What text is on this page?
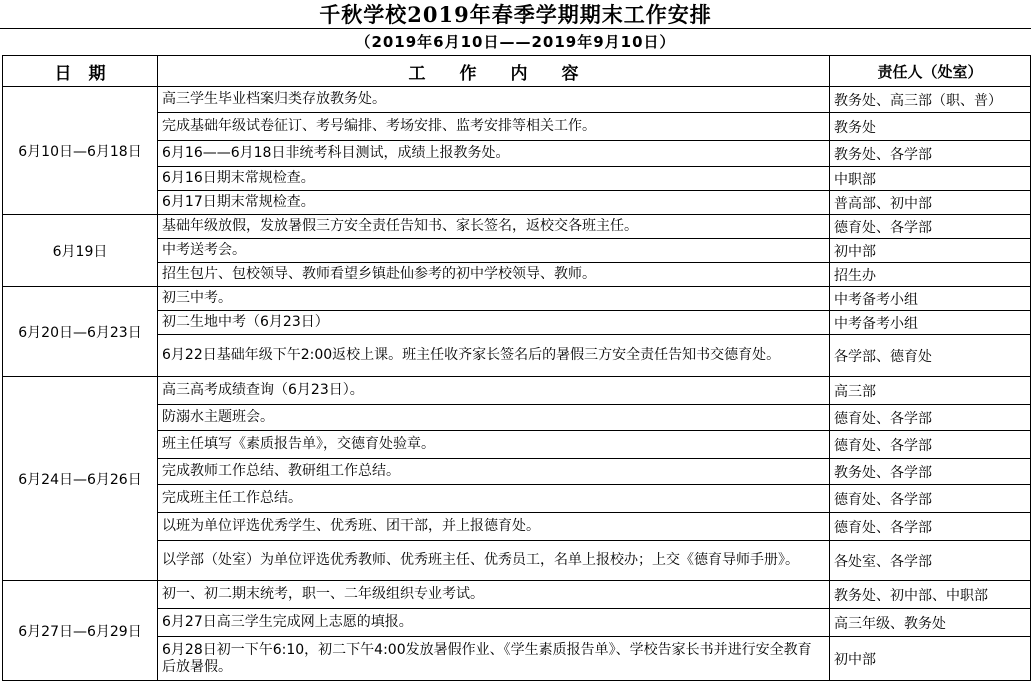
千秋学校2019年春季学期期末工作安排
（2019年6月10日——2019年9月10日）
日　期	工　　作　　内　　容	责任人（处室）
6月10日—6月18日	高三学生毕业档案归类存放教务处。	教务处、高三部（职、普）
	完成基础年级试卷征订、考号编排、考场安排、监考安排等相关工作。	教务处
	6月16——6月18日非统考科目测试，成绩上报教务处。	教务处、各学部
	6月16日期末常规检查。	中职部
	6月17日期末常规检查。	普高部、初中部
6月19日	基础年级放假，发放暑假三方安全责任告知书、家长签名，返校交各班主任。	德育处、各学部
	中考送考会。	初中部
	招生包片、包校领导、教师看望乡镇赴仙参考的初中学校领导、教师。	招生办
6月20日—6月23日	初三中考。	中考备考小组
	初二生地中考（6月23日）	中考备考小组
	6月22日基础年级下午2:00返校上课。班主任收齐家长签名后的暑假三方安全责任告知书交德育处。	各学部、德育处
6月24日—6月26日	高三高考成绩查询（6月23日）。	高三部
	防溺水主题班会。	德育处、各学部
	班主任填写《素质报告单》，交德育处验章。	德育处、各学部
	完成教师工作总结、教研组工作总结。	教务处、各学部
	完成班主任工作总结。	德育处、各学部
	以班为单位评选优秀学生、优秀班、团干部，并上报德育处。	德育处、各学部
	以学部（处室）为单位评选优秀教师、优秀班主任、优秀员工，名单上报校办；上交《德育导师手册》。	各处室、各学部
6月27日—6月29日	初一、初二期末统考，职一、二年级组织专业考试。	教务处、初中部、中职部
	6月27日高三学生完成网上志愿的填报。	高三年级、教务处
	6月28日初一下午6:10，初二下午4:00发放暑假作业、《学生素质报告单》、学校告家长书并进行安全教育后放暑假。	初中部
